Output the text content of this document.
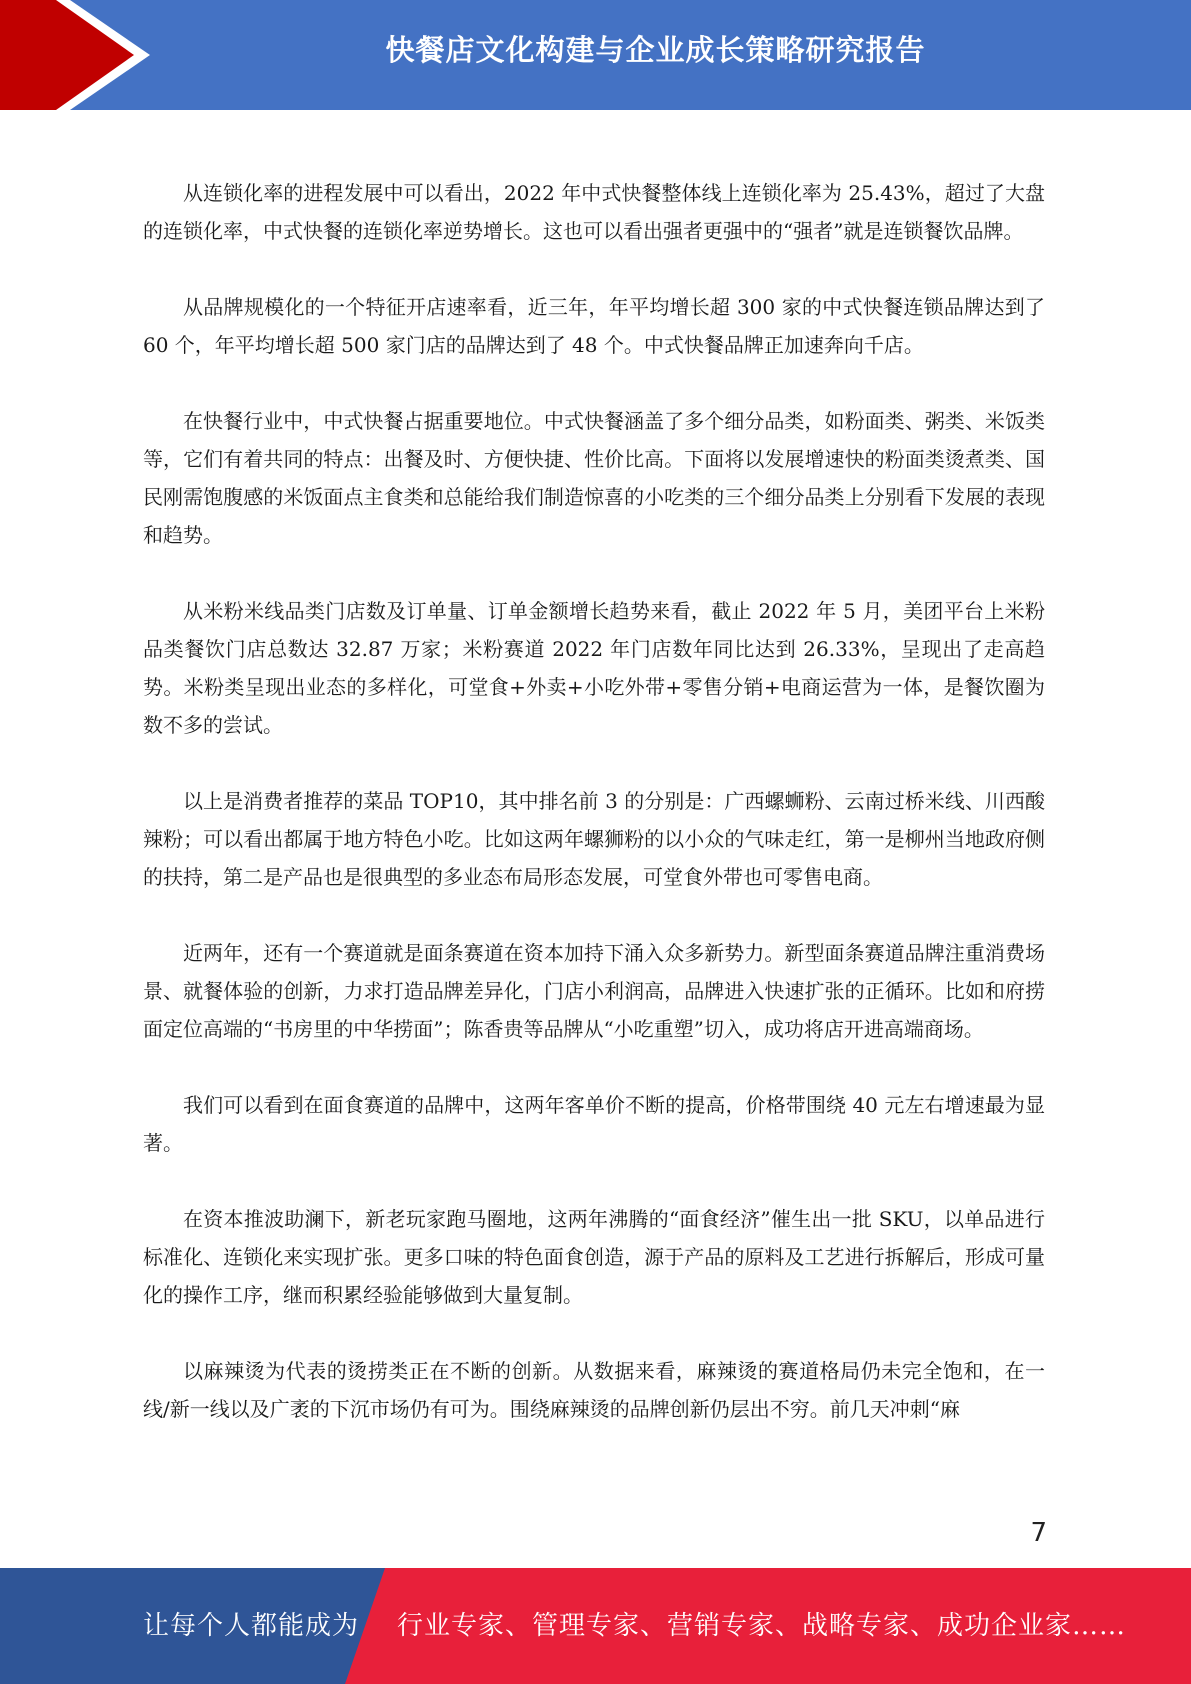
快餐店文化构建与企业成长策略研究报告

从连锁化率的进程发展中可以看出，2022 年中式快餐整体线上连锁化率为 25.43%，超过了大盘的连锁化率，中式快餐的连锁化率逆势增长。这也可以看出强者更强中的“强者”就是连锁餐饮品牌。

从品牌规模化的一个特征开店速率看，近三年，年平均增长超 300 家的中式快餐连锁品牌达到了 60 个，年平均增长超 500 家门店的品牌达到了 48 个。中式快餐品牌正加速奔向千店。

在快餐行业中，中式快餐占据重要地位。中式快餐涵盖了多个细分品类，如粉面类、粥类、米饭类等，它们有着共同的特点：出餐及时、方便快捷、性价比高。下面将以发展增速快的粉面类烫煮类、国民刚需饱腹感的米饭面点主食类和总能给我们制造惊喜的小吃类的三个细分品类上分别看下发展的表现和趋势。

从米粉米线品类门店数及订单量、订单金额增长趋势来看，截止 2022 年 5 月，美团平台上米粉品类餐饮门店总数达 32.87 万家；米粉赛道 2022 年门店数年同比达到 26.33%，呈现出了走高趋势。米粉类呈现出业态的多样化，可堂食+外卖+小吃外带+零售分销+电商运营为一体，是餐饮圈为数不多的尝试。

以上是消费者推荐的菜品 TOP10，其中排名前 3 的分别是：广西螺蛳粉、云南过桥米线、川西酸辣粉；可以看出都属于地方特色小吃。比如这两年螺狮粉的以小众的气味走红，第一是柳州当地政府侧的扶持，第二是产品也是很典型的多业态布局形态发展，可堂食外带也可零售电商。

近两年，还有一个赛道就是面条赛道在资本加持下涌入众多新势力。新型面条赛道品牌注重消费场景、就餐体验的创新，力求打造品牌差异化，门店小利润高，品牌进入快速扩张的正循环。比如和府捞面定位高端的“书房里的中华捞面”；陈香贵等品牌从“小吃重塑”切入，成功将店开进高端商场。

我们可以看到在面食赛道的品牌中，这两年客单价不断的提高，价格带围绕 40 元左右增速最为显著。

在资本推波助澜下，新老玩家跑马圈地，这两年沸腾的“面食经济”催生出一批 SKU，以单品进行标准化、连锁化来实现扩张。更多口味的特色面食创造，源于产品的原料及工艺进行拆解后，形成可量化的操作工序，继而积累经验能够做到大量复制。

以麻辣烫为代表的烫捞类正在不断的创新。从数据来看，麻辣烫的赛道格局仍未完全饱和，在一线/新一线以及广袤的下沉市场仍有可为。围绕麻辣烫的品牌创新仍层出不穷。前几天冲刺“麻

7
让每个人都能成为 行业专家、管理专家、营销专家、战略专家、成功企业家……
